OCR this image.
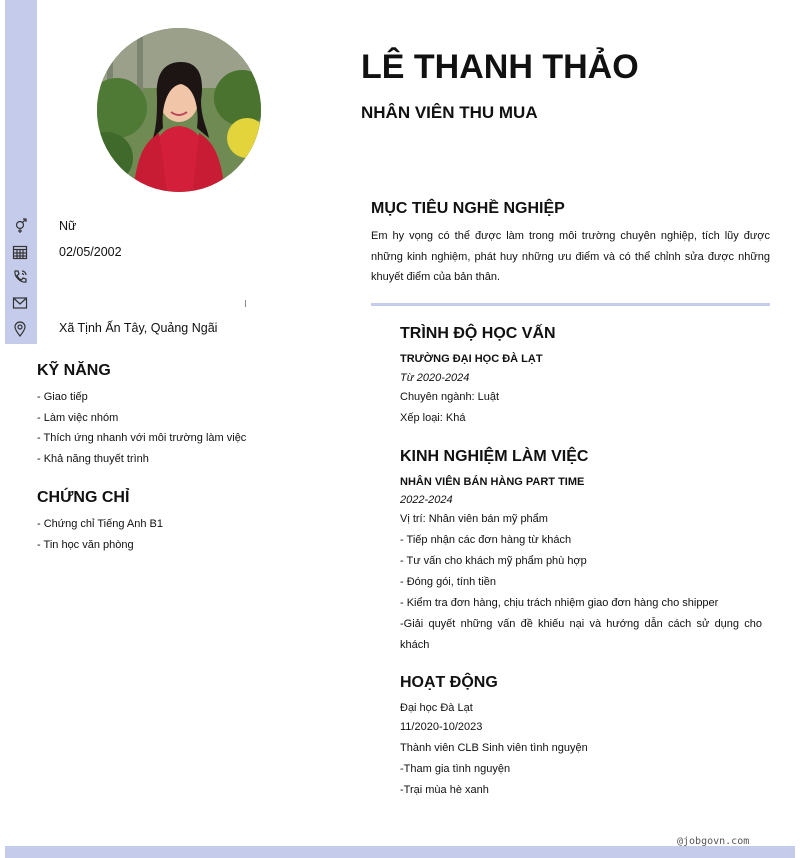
LÊ THANH THẢO
NHÂN VIÊN THU MUA
Nữ
02/05/2002
Xã Tịnh Ấn Tây, Quảng Ngãi
KỸ NĂNG
- Giao tiếp
- Làm việc nhóm
- Thích ứng nhanh với môi trường làm việc
- Khả năng thuyết trình
CHỨNG CHỈ
- Chứng chỉ Tiếng Anh B1
- Tin học văn phòng
MỤC TIÊU NGHỀ NGHIỆP
Em hy vọng có thể được làm trong môi trường chuyên nghiệp, tích lũy được những kinh nghiệm, phát huy những ưu điểm và có thể chỉnh sửa được những khuyết điểm của bản thân.
TRÌNH ĐỘ HỌC VẤN
TRƯỜNG ĐẠI HỌC ĐÀ LẠT
Từ 2020-2024
Chuyên ngành: Luật
Xếp loại: Khá
KINH NGHIỆM LÀM VIỆC
NHÂN VIÊN BÁN HÀNG PART TIME
2022-2024
Vị trí: Nhân viên bán mỹ phẩm
- Tiếp nhận các đơn hàng từ khách
- Tư vấn cho khách mỹ phẩm phù hợp
- Đóng gói, tính tiền
- Kiểm tra đơn hàng, chịu trách nhiệm giao đơn hàng cho shipper
-Giải quyết những vấn đề khiếu nại và hướng dẫn cách sử dụng cho khách
HOẠT ĐỘNG
Đại học Đà Lạt
11/2020-10/2023
Thành viên CLB Sinh viên tình nguyện
-Tham gia tình nguyện
-Trại mùa hè xanh
@jobgovn.com
